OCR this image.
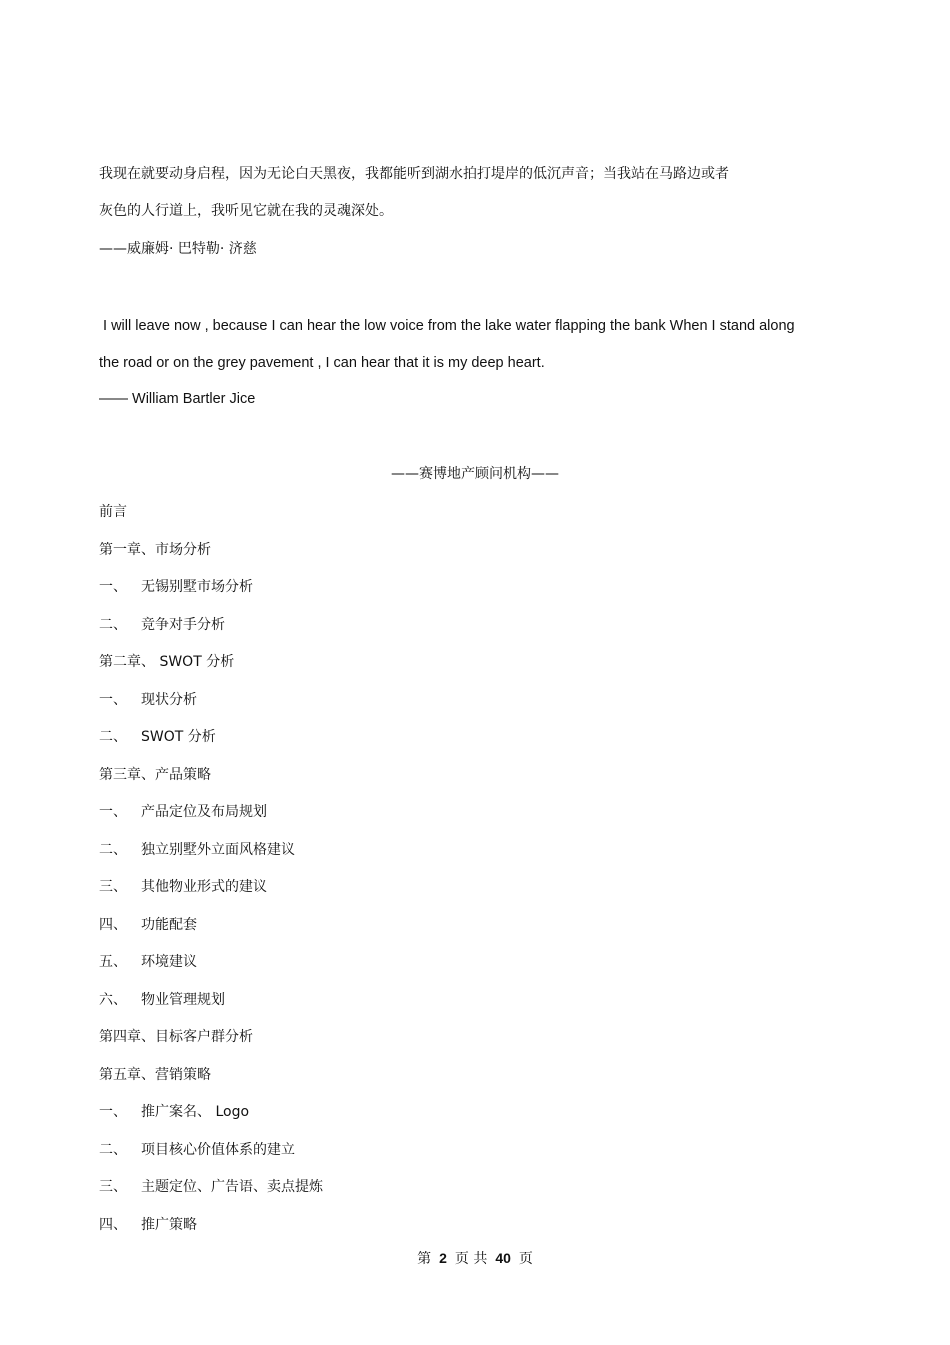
我现在就要动身启程，因为无论白天黑夜，我都能听到湖水拍打堤岸的低沉声音；当我站在马路边或者
灰色的人行道上，我听见它就在我的灵魂深处。
——威廉姆· 巴特勒· 济慈
I will leave now , because I can hear the low voice from the lake water flapping the bank When I stand along
the road or on the grey pavement , I can hear that it is my deep heart.
—— William Bartler Jice
——赛博地产顾问机构——
前言
第一章、市场分析
一、 无锡别墅市场分析
二、 竞争对手分析
第二章、 SWOT 分析
一、 现状分析
二、 SWOT 分析
第三章、产品策略
一、 产品定位及布局规划
二、 独立别墅外立面风格建议
三、 其他物业形式的建议
四、 功能配套
五、 环境建议
六、 物业管理规划
第四章、目标客户群分析
第五章、营销策略
一、 推广案名、 Logo
二、 项目核心价值体系的建立
三、 主题定位、广告语、卖点提炼
四、 推广策略
第 2 页 共 40 页
